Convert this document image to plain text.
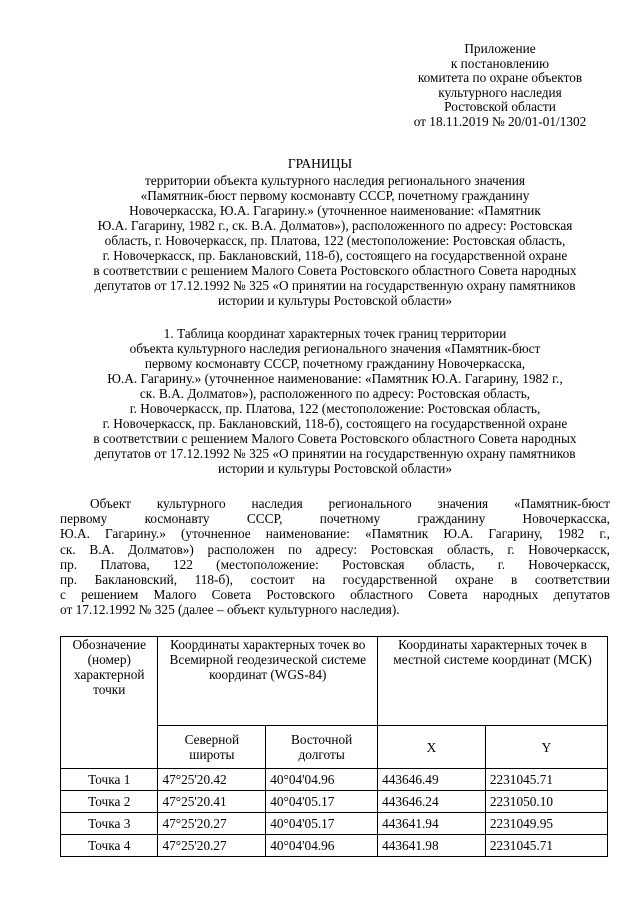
Приложение
к постановлению
комитета по охране объектов
культурного наследия
Ростовской области
от 18.11.2019 № 20/01-01/1302
ГРАНИЦЫ
территории объекта культурного наследия регионального значения
«Памятник-бюст первому космонавту СССР, почетному гражданину
Новочеркасска, Ю.А. Гагарину.» (уточненное наименование: «Памятник
Ю.А. Гагарину, 1982 г., ск. В.А. Долматов»), расположенного по адресу: Ростовская
область, г. Новочеркасск, пр. Платова, 122 (местоположение: Ростовская область,
г. Новочеркасск, пр. Баклановский, 118-б), состоящего на государственной охране
в соответствии с решением Малого Совета Ростовского областного Совета народных
депутатов от 17.12.1992 № 325 «О принятии на государственную охрану памятников
истории и культуры Ростовской области»
1. Таблица координат характерных точек границ территории
объекта культурного наследия регионального значения «Памятник-бюст
первому космонавту СССР, почетному гражданину Новочеркасска,
Ю.А. Гагарину.» (уточненное наименование: «Памятник Ю.А. Гагарину, 1982 г.,
ск. В.А. Долматов»), расположенного по адресу: Ростовская область,
г. Новочеркасск, пр. Платова, 122 (местоположение: Ростовская область,
г. Новочеркасск, пр. Баклановский, 118-б), состоящего на государственной охране
в соответствии с решением Малого Совета Ростовского областного Совета народных
депутатов от 17.12.1992 № 325 «О принятии на государственную охрану памятников
истории и культуры Ростовской области»
Объект культурного наследия регионального значения «Памятник-бюст
первому космонавту СССР, почетному гражданину Новочеркасска,
Ю.А. Гагарину.» (уточненное наименование: «Памятник Ю.А. Гагарину, 1982 г.,
ск. В.А. Долматов») расположен по адресу: Ростовская область, г. Новочеркасск,
пр. Платова, 122 (местоположение: Ростовская область, г. Новочеркасск,
пр. Баклановский, 118-б), состоит на государственной охране в соответствии
с решением Малого Совета Ростовского областного Совета народных депутатов
от 17.12.1992 № 325 (далее – объект культурного наследия).
Обозначение (номер) характерной точки	Координаты характерных точек во Всемирной геодезической системе координат (WGS-84)		Координаты характерных точек в местной системе координат (МСК)	
	Северной широты	Восточной долготы	X	Y
Точка 1	47°25'20.42	40°04'04.96	443646.49	2231045.71
Точка 2	47°25'20.41	40°04'05.17	443646.24	2231050.10
Точка 3	47°25'20.27	40°04'05.17	443641.94	2231049.95
Точка 4	47°25'20.27	40°04'04.96	443641.98	2231045.71
